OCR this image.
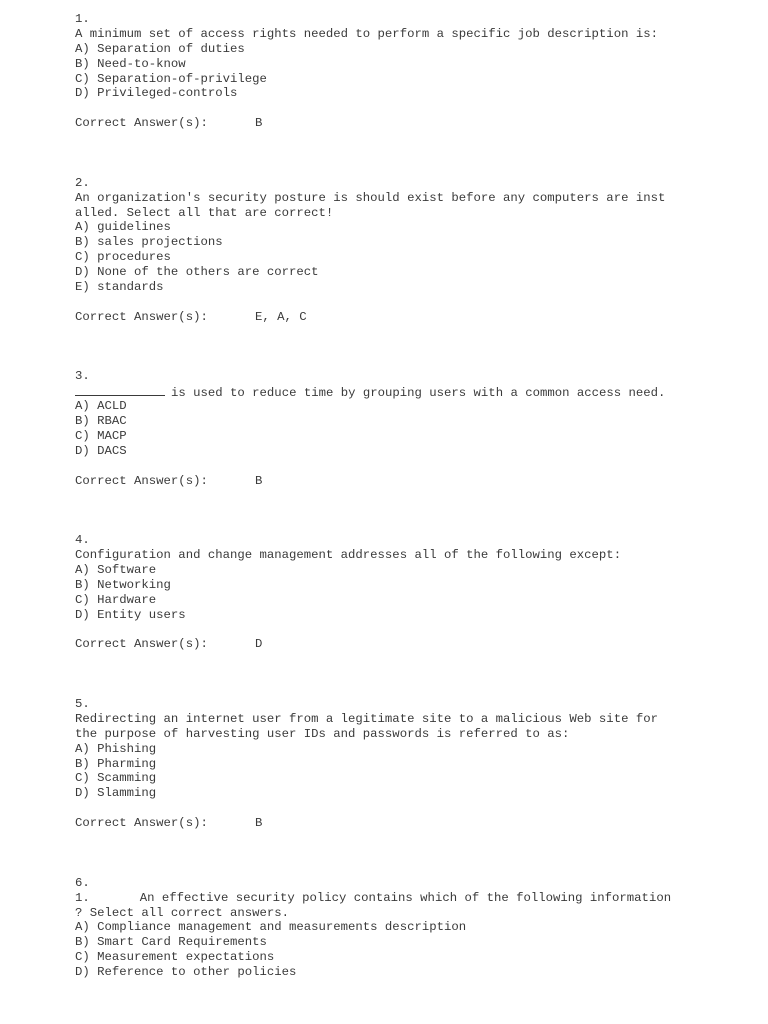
1.
A minimum set of access rights needed to perform a specific job description is:
A) Separation of duties
B) Need-to-know
C) Separation-of-privilege
D) Privileged-controls
Correct Answer(s):	B
2.
An organization's security posture is should exist before any computers are inst
alled. Select all that are correct!
A) guidelines
B) sales projections
C) procedures
D) None of the others are correct
E) standards
Correct Answer(s):	E, A, C
3.
is used to reduce time by grouping users with a common access need.
A) ACLD
B) RBAC
C) MACP
D) DACS
Correct Answer(s):	B
4.
Configuration and change management addresses all of the following except:
A) Software
B) Networking
C) Hardware
D) Entity users
Correct Answer(s):	D
5.
Redirecting an internet user from a legitimate site to a malicious Web site for
the purpose of harvesting user IDs and passwords is referred to as:
A) Phishing
B) Pharming
C) Scamming
D) Slamming
Correct Answer(s):	B
6.
1.	An effective security policy contains which of the following information
? Select all correct answers.
A) Compliance management and measurements description
B) Smart Card Requirements
C) Measurement expectations
D) Reference to other policies
